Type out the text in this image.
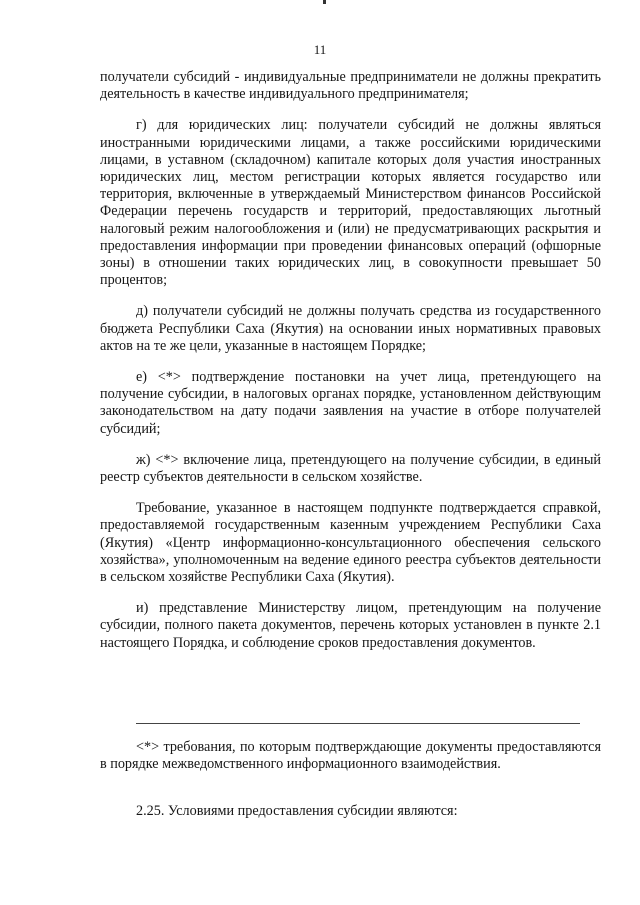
11

получатели субсидий - индивидуальные предприниматели не должны прекратить деятельность в качестве индивидуального предпринимателя;

г) для юридических лиц: получатели субсидий не должны являться иностранными юридическими лицами, а также российскими юридическими лицами, в уставном (складочном) капитале которых доля участия иностранных юридических лиц, местом регистрации которых является государство или территория, включенные в утверждаемый Министерством финансов Российской Федерации перечень государств и территорий, предоставляющих льготный налоговый режим налогообложения и (или) не предусматривающих раскрытия и предоставления информации при проведении финансовых операций (офшорные зоны) в отношении таких юридических лиц, в совокупности превышает 50 процентов;

д) получатели субсидий не должны получать средства из государственного бюджета Республики Саха (Якутия) на основании иных нормативных правовых актов на те же цели, указанные в настоящем Порядке;

е) <*> подтверждение постановки на учет лица, претендующего на получение субсидии, в налоговых органах порядке, установленном действующим законодательством на дату подачи заявления на участие в отборе получателей субсидий;

ж) <*> включение лица, претендующего на получение субсидии, в единый реестр субъектов деятельности в сельском хозяйстве.

Требование, указанное в настоящем подпункте подтверждается справкой, предоставляемой государственным казенным учреждением Республики Саха (Якутия) «Центр информационно-консультационного обеспечения сельского хозяйства», уполномоченным на ведение единого реестра субъектов деятельности в сельском хозяйстве Республики Саха (Якутия).

и) представление Министерству лицом, претендующим на получение субсидии, полного пакета документов, перечень которых установлен в пункте 2.1 настоящего Порядка, и соблюдение сроков предоставления документов.

<*> требования, по которым подтверждающие документы предоставляются в порядке межведомственного информационного взаимодействия.

2.25. Условиями предоставления субсидии являются:
